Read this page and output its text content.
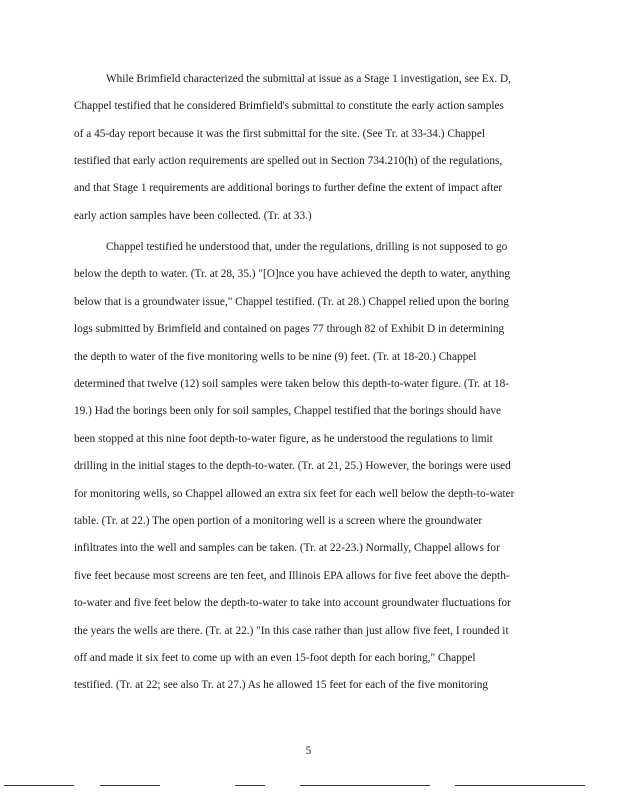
While Brimfield characterized the submittal at issue as a Stage 1 investigation, see Ex. D,
Chappel testified that he considered Brimfield's submittal to constitute the early action samples
of a 45-day report because it was the first submittal for the site. (See Tr. at 33-34.) Chappel
testified that early action requirements are spelled out in Section 734.210(h) of the regulations,
and that Stage 1 requirements are additional borings to further define the extent of impact after
early action samples have been collected. (Tr. at 33.)
Chappel testified he understood that, under the regulations, drilling is not supposed to go
below the depth to water. (Tr. at 28, 35.) "[O]nce you have achieved the depth to water, anything
below that is a groundwater issue," Chappel testified. (Tr. at 28.) Chappel relied upon the boring
logs submitted by Brimfield and contained on pages 77 through 82 of Exhibit D in determining
the depth to water of the five monitoring wells to be nine (9) feet. (Tr. at 18-20.) Chappel
determined that twelve (12) soil samples were taken below this depth-to-water figure. (Tr. at 18-
19.) Had the borings been only for soil samples, Chappel testified that the borings should have
been stopped at this nine foot depth-to-water figure, as he understood the regulations to limit
drilling in the initial stages to the depth-to-water. (Tr. at 21, 25.) However, the borings were used
for monitoring wells, so Chappel allowed an extra six feet for each well below the depth-to-water
table. (Tr. at 22.) The open portion of a monitoring well is a screen where the groundwater
infiltrates into the well and samples can be taken. (Tr. at 22-23.) Normally, Chappel allows for
five feet because most screens are ten feet, and Illinois EPA allows for five feet above the depth-
to-water and five feet below the depth-to-water to take into account groundwater fluctuations for
the years the wells are there. (Tr. at 22.) "In this case rather than just allow five feet, I rounded it
off and made it six feet to come up with an even 15-foot depth for each boring," Chappel
testified. (Tr. at 22; see also Tr. at 27.) As he allowed 15 feet for each of the five monitoring
5
